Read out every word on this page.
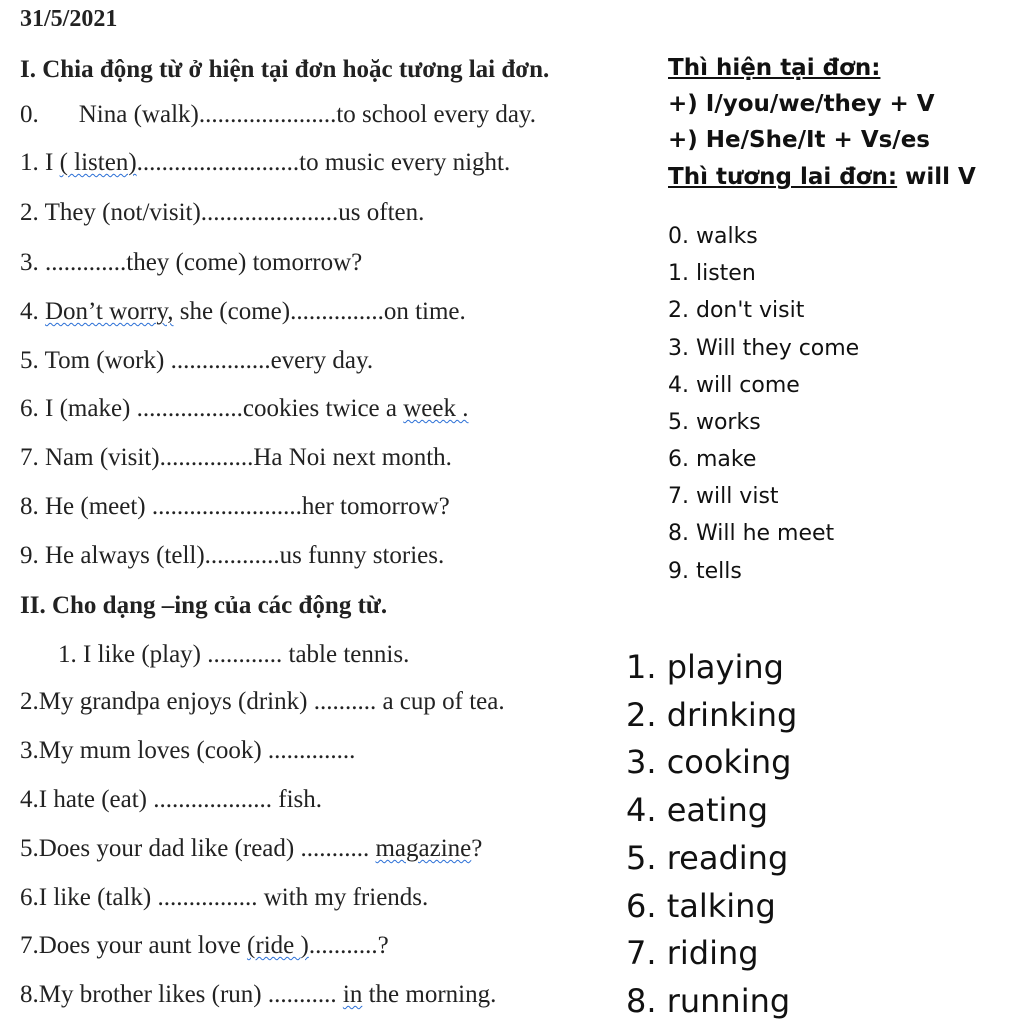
31/5/2021
I. Chia động từ ở hiện tại đơn hoặc tương lai đơn.
0. Nina (walk)......................to school every day.
1. I ( listen)..........................to music every night.
2. They (not/visit)......................us often.
3. .............they (come) tomorrow?
4. Don’t worry, she (come)...............on time.
5. Tom (work) ................every day.
6. I (make) .................cookies twice a week .
7. Nam (visit)...............Ha Noi next month.
8. He (meet) ........................her tomorrow?
9. He always (tell)............us funny stories.
Thì hiện tại đơn:
+) I/you/we/they + V
+) He/She/It + Vs/es
Thì tương lai đơn: will V
0. walks
1. listen
2. don't visit
3. Will they come
4. will come
5. works
6. make
7. will vist
8. Will he meet
9. tells
II. Cho dạng –ing của các động từ.
1. I like (play) ............ table tennis.
2.My grandpa enjoys (drink) .......... a cup of tea.
3.My mum loves (cook) ..............
4.I hate (eat) ................... fish.
5.Does your dad like (read) ........... magazine?
6.I like (talk) ................ with my friends.
7.Does your aunt love (ride )...........?
8.My brother likes (run) ........... in the morning.
1. playing
2. drinking
3. cooking
4. eating
5. reading
6. talking
7. riding
8. running
